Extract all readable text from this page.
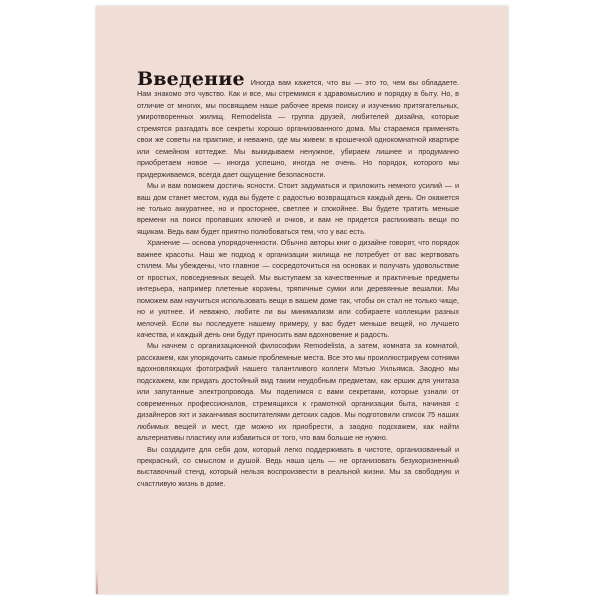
Введение Иногда вам кажется, что вы — это то, чем вы обладаете. Нам знакомо это чувство. Как и все, мы стремимся к здравомыслию и порядку в быту. Но, в отличие от многих, мы посвящаем наше рабочее время поиску и изучению притягательных, умиротворенных жилищ. Remodelista — группа друзей, любителей дизайна, которые стремятся разгадать все секреты хорошо организованного дома. Мы стараемся применять свои же советы на практике, и неважно, где мы живем: в крошечной однокомнатной квартире или семейном коттедже. Мы выкидываем ненужное, убираем лишнее и продуманно приобретаем новое — иногда успешно, иногда не очень. Но порядок, которого мы придерживаемся, всегда дает ощущение безопасности.

Мы и вам поможем достичь ясности. Стоит задуматься и приложить немного усилий — и ваш дом станет местом, куда вы будете с радостью возвращаться каждый день. Он окажется не только аккуратнее, но и просторнее, светлее и спокойнее. Вы будете тратить меньше времени на поиск пропавших ключей и очков, и вам не придется распихивать вещи по ящикам. Ведь вам будет приятно полюбоваться тем, что у вас есть.

Хранение — основа упорядоченности. Обычно авторы книг о дизайне говорят, что порядок важнее красоты. Наш же подход к организации жилища не потребует от вас жертвовать стилем. Мы убеждены, что главное — сосредоточиться на основах и получать удовольствие от простых, повседневных вещей. Мы выступаем за качественные и практичные предметы интерьера, например плетеные корзины, тряпичные сумки или деревянные вешалки. Мы поможем вам научиться использовать вещи в вашем доме так, чтобы он стал не только чище, но и уютнее. И неважно, любите ли вы минимализм или собираете коллекции разных мелочей. Если вы последуете нашему примеру, у вас будет меньше вещей, но лучшего качества, и каждый день они будут приносить вам вдохновение и радость.

Мы начнем с организационной философии Remodelista, а затем, комната за комнатой, расскажем, как упорядочить самые проблемные места. Все это мы проиллюстрируем сотнями вдохновляющих фотографий нашего талантливого коллеги Мэтью Уильямса. Заодно мы подскажем, как придать достойный вид таким неудобным предметам, как ершик для унитаза или запутанные электропровода. Мы поделимся с вами секретами, которые узнали от современных профессионалов, стремящихся к грамотной организации быта, начиная с дизайнеров яхт и заканчивая воспитателями детских садов. Мы подготовили список 75 наших любимых вещей и мест, где можно их приобрести, а заодно подскажем, как найти альтернативы пластику или избавиться от того, что вам больше не нужно.

Вы создадите для себя дом, который легко поддерживать в чистоте, организованный и прекрасный, со смыслом и душой. Ведь наша цель — не организовать безукоризненный выставочный стенд, который нельзя воспроизвести в реальной жизни. Мы за свободную и счастливую жизнь в доме.
